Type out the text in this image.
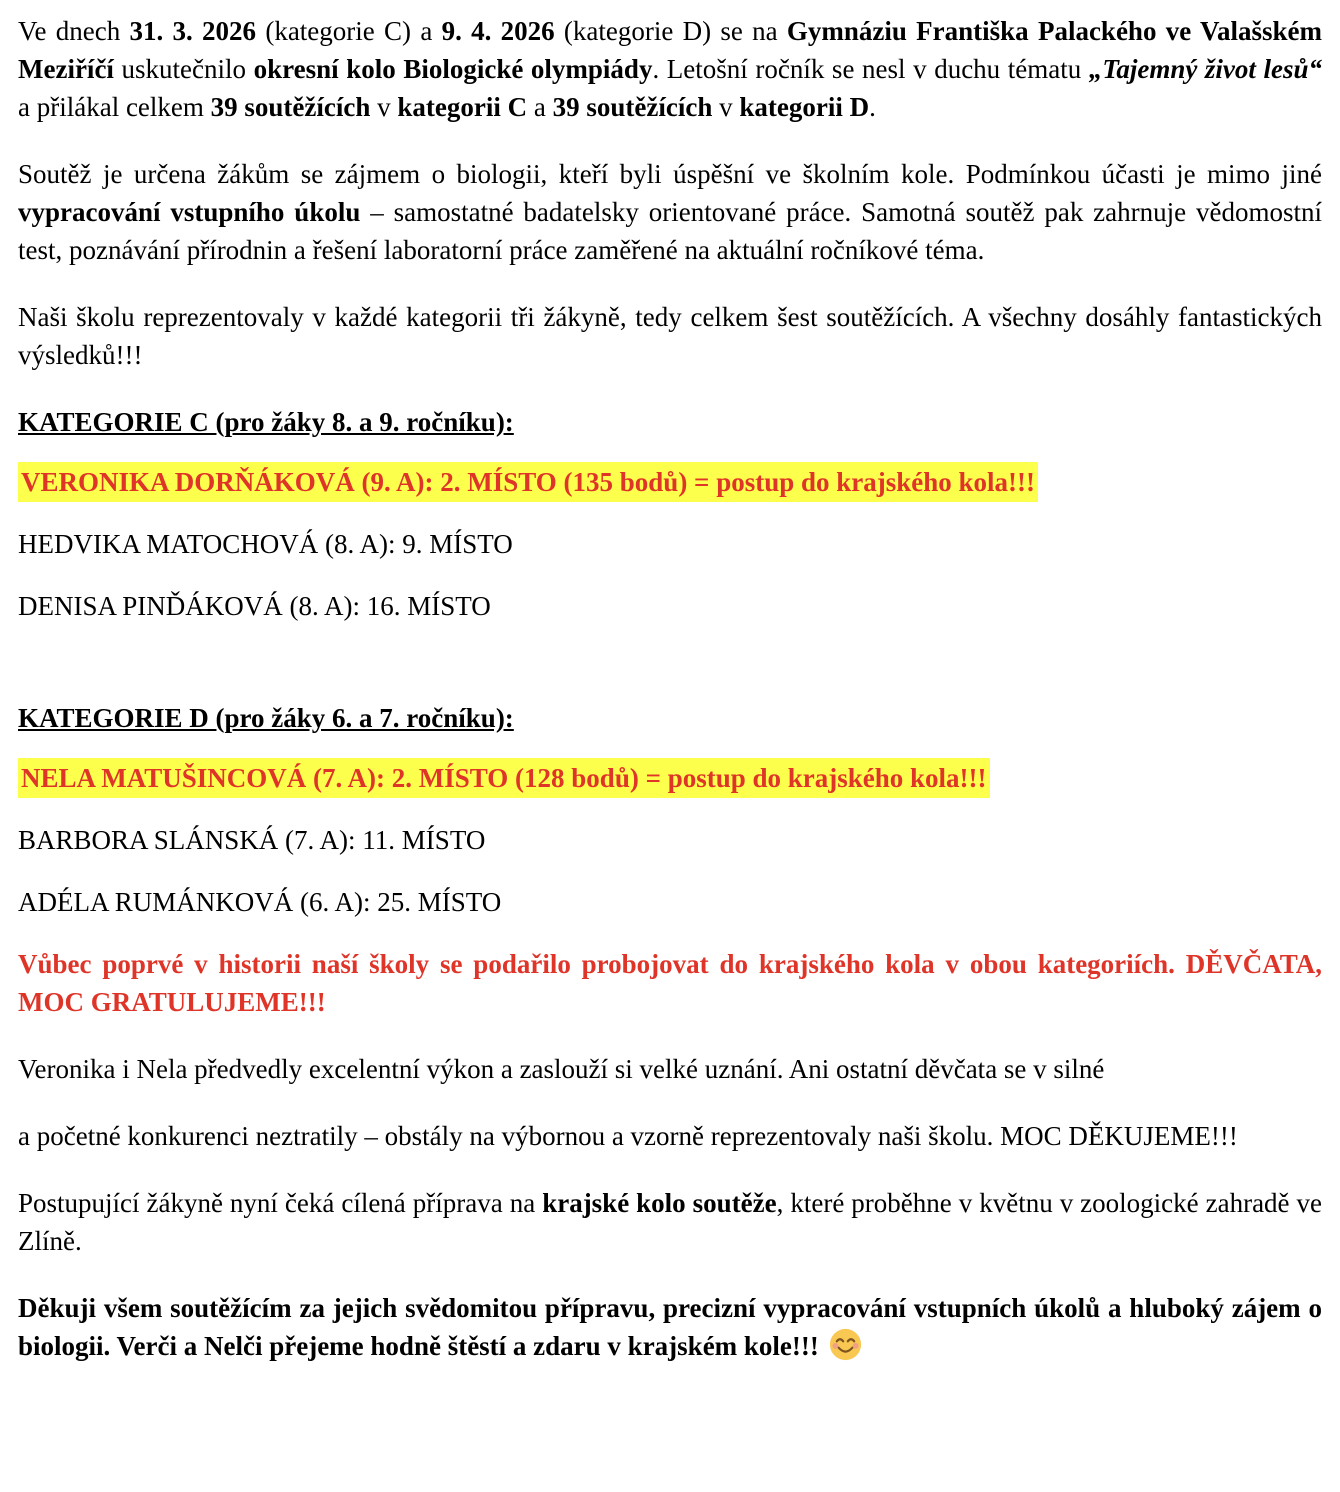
Ve dnech 31. 3. 2026 (kategorie C) a 9. 4. 2026 (kategorie D) se na Gymnáziu Františka Palackého ve Valašském Meziříčí uskutečnilo okresní kolo Biologické olympiády. Letošní ročník se nesl v duchu tématu „Tajemný život lesů“ a přilákal celkem 39 soutěžících v kategorii C a 39 soutěžících v kategorii D.

Soutěž je určena žákům se zájmem o biologii, kteří byli úspěšní ve školním kole. Podmínkou účasti je mimo jiné vypracování vstupního úkolu – samostatné badatelsky orientované práce. Samotná soutěž pak zahrnuje vědomostní test, poznávání přírodnin a řešení laboratorní práce zaměřené na aktuální ročníkové téma.

Naši školu reprezentovaly v každé kategorii tři žákyně, tedy celkem šest soutěžících. A všechny dosáhly fantastických výsledků!!!

KATEGORIE C (pro žáky 8. a 9. ročníku):

VERONIKA DORŇÁKOVÁ (9. A): 2. MÍSTO (135 bodů) = postup do krajského kola!!!

HEDVIKA MATOCHOVÁ (8. A): 9. MÍSTO

DENISA PINĎÁKOVÁ (8. A): 16. MÍSTO

KATEGORIE D (pro žáky 6. a 7. ročníku):

NELA MATUŠINCOVÁ (7. A): 2. MÍSTO (128 bodů) = postup do krajského kola!!!

BARBORA SLÁNSKÁ (7. A): 11. MÍSTO

ADÉLA RUMÁNKOVÁ (6. A): 25. MÍSTO

Vůbec poprvé v historii naší školy se podařilo probojovat do krajského kola v obou kategoriích. DĚVČATA, MOC GRATULUJEME!!!

Veronika i Nela předvedly excelentní výkon a zaslouží si velké uznání. Ani ostatní děvčata se v silné

a početné konkurenci neztratily – obstály na výbornou a vzorně reprezentovaly naši školu. MOC DĚKUJEME!!!

Postupující žákyně nyní čeká cílená příprava na krajské kolo soutěže, které proběhne v květnu v zoologické zahradě ve Zlíně.

Děkuji všem soutěžícím za jejich svědomitou přípravu, precizní vypracování vstupních úkolů a hluboký zájem o biologii. Verči a Nelči přejeme hodně štěstí a zdaru v krajském kole!!!
